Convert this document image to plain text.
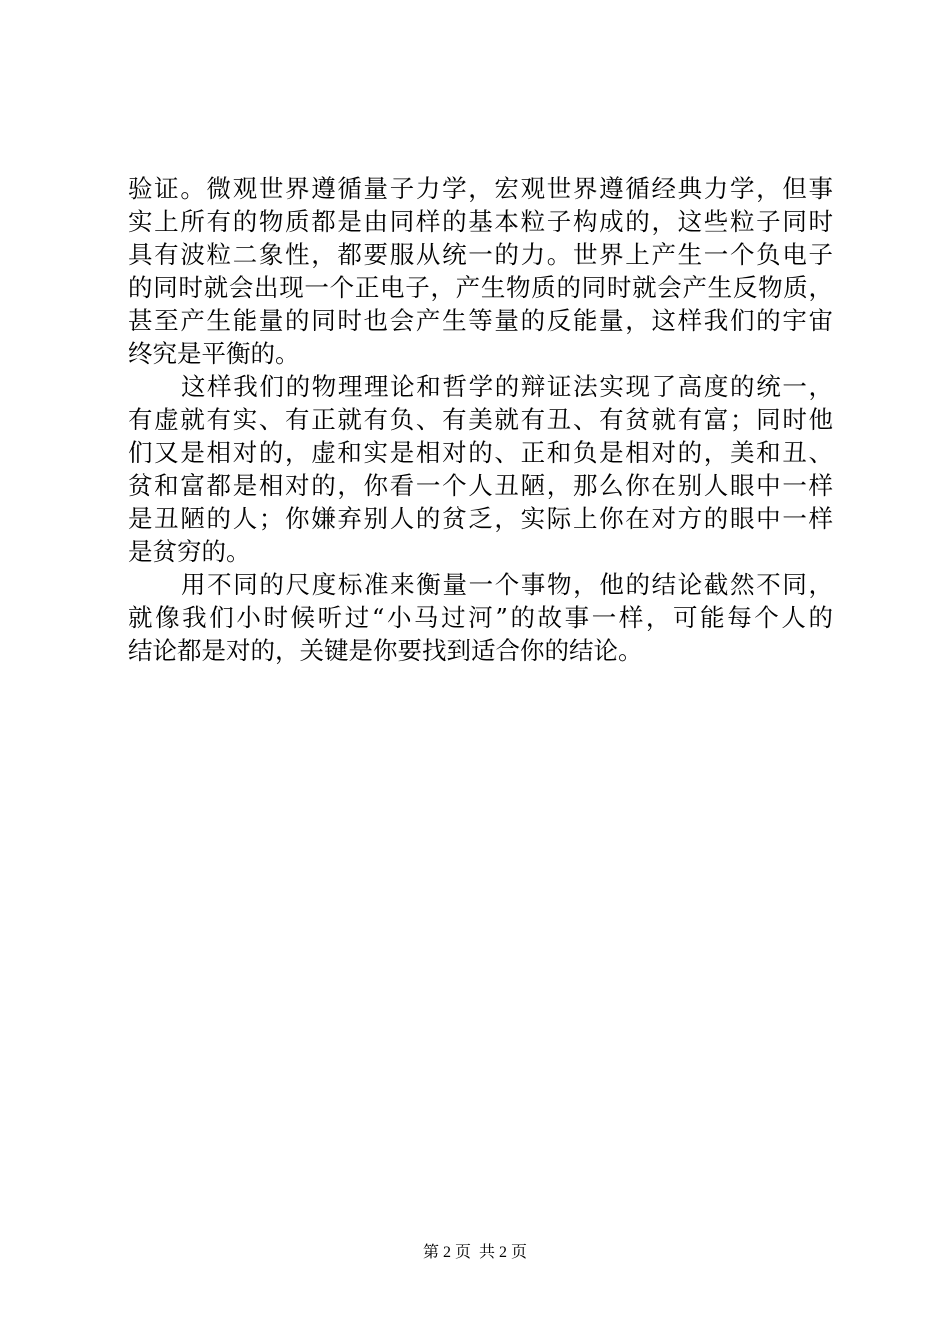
验证。微观世界遵循量子力学，宏观世界遵循经典力学，但事
实上所有的物质都是由同样的基本粒子构成的，这些粒子同时
具有波粒二象性，都要服从统一的力。世界上产生一个负电子
的同时就会出现一个正电子，产生物质的同时就会产生反物质，
甚至产生能量的同时也会产生等量的反能量，这样我们的宇宙
终究是平衡的。
这样我们的物理理论和哲学的辩证法实现了高度的统一，
有虚就有实、有正就有负、有美就有丑、有贫就有富；同时他
们又是相对的，虚和实是相对的、正和负是相对的，美和丑、
贫和富都是相对的，你看一个人丑陋，那么你在别人眼中一样
是丑陋的人；你嫌弃别人的贫乏，实际上你在对方的眼中一样
是贫穷的。
用不同的尺度标准来衡量一个事物，他的结论截然不同，
就像我们小时候听过“小马过河”的故事一样，可能每个人的
结论都是对的，关键是你要找到适合你的结论。
第 2 页  共 2 页
